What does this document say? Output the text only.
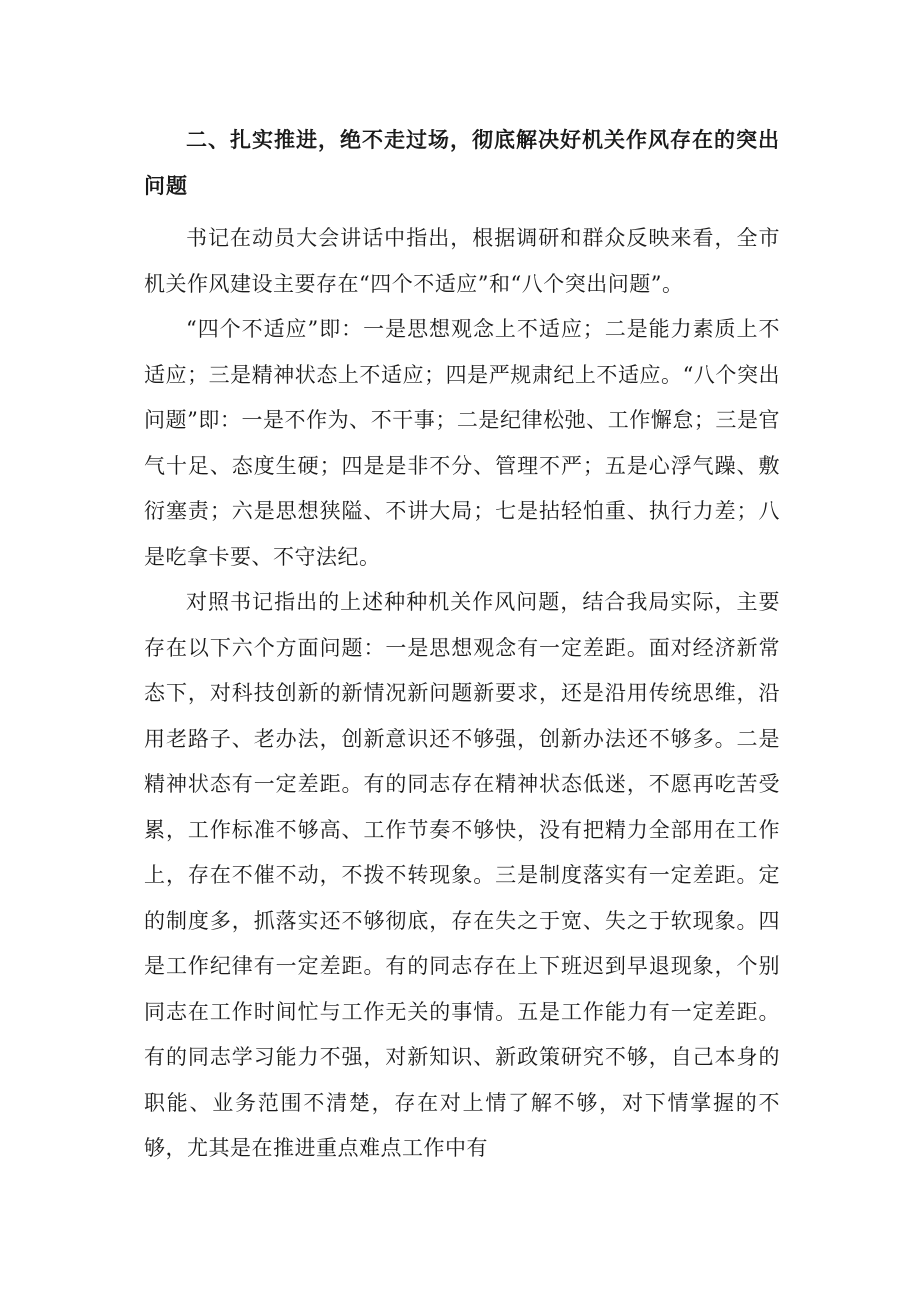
二、扎实推进，绝不走过场，彻底解决好机关作风存在的突出问题
书记在动员大会讲话中指出，根据调研和群众反映来看，全市机关作风建设主要存在“四个不适应”和“八个突出问题”。
“四个不适应”即：一是思想观念上不适应；二是能力素质上不适应；三是精神状态上不适应；四是严规肃纪上不适应。“八个突出问题”即：一是不作为、不干事；二是纪律松弛、工作懈怠；三是官气十足、态度生硬；四是是非不分、管理不严；五是心浮气躁、敷衍塞责；六是思想狭隘、不讲大局；七是拈轻怕重、执行力差；八是吃拿卡要、不守法纪。
对照书记指出的上述种种机关作风问题，结合我局实际，主要存在以下六个方面问题：一是思想观念有一定差距。面对经济新常态下，对科技创新的新情况新问题新要求，还是沿用传统思维，沿用老路子、老办法，创新意识还不够强，创新办法还不够多。二是精神状态有一定差距。有的同志存在精神状态低迷，不愿再吃苦受累，工作标准不够高、工作节奏不够快，没有把精力全部用在工作上，存在不催不动，不拨不转现象。三是制度落实有一定差距。定的制度多，抓落实还不够彻底，存在失之于宽、失之于软现象。四是工作纪律有一定差距。有的同志存在上下班迟到早退现象，个别同志在工作时间忙与工作无关的事情。五是工作能力有一定差距。有的同志学习能力不强，对新知识、新政策研究不够，自己本身的职能、业务范围不清楚，存在对上情了解不够，对下情掌握的不够，尤其是在推进重点难点工作中有
